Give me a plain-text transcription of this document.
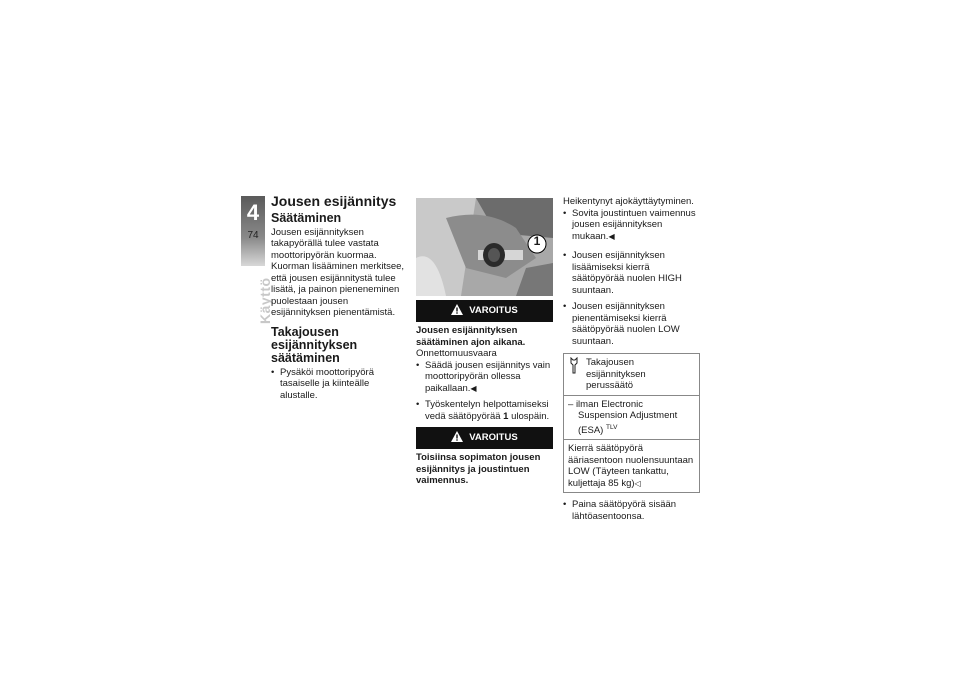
4
74
Käyttö
Jousen esijännitys
Säätäminen

Jousen esijännityksen takapyörällä tulee vastata moottoripyörän kuormaa. Kuorman lisääminen merkitsee, että jousen esijännitystä tulee lisätä, ja painon pieneneminen puolestaan jousen esijännityksen pienentämistä.

Takajousen esijännityksen säätäminen
• Pysäköi moottoripyörä tasaiselle ja kiinteälle alustalle.
1
VAROITUS

Jousen esijännityksen säätäminen ajon aikana.

Onnettomuusvaara

• Säädä jousen esijännitys vain moottoripyörän ollessa paikallaan.◀
• Työskentelyn helpottamiseksi vedä säätöpyörää 1 ulospäin.
VAROITUS

Toisiinsa sopimaton jousen esijännitys ja joustintuen vaimennus.

Heikentynyt ajokäyttäytyminen.

• Sovita joustintuen vaimennus jousen esijännityksen mukaan.◀
• Jousen esijännityksen lisäämiseksi kierrä säätöpyörää nuolen HIGH suuntaan.
• Jousen esijännityksen pienentämiseksi kierrä säätöpyörää nuolen LOW suuntaan.
Takajousen esijännityksen perussäätö
– ilman Electronic Suspension Adjustment (ESA) $^{TLV}$
Kierrä säätöpyörä ääriasentoon nuolensuuntaan LOW (Täyteen tankattu, kuljettaja 85 kg)◁
• Paina säätöpyörä sisään lähtöasentoonsa.
